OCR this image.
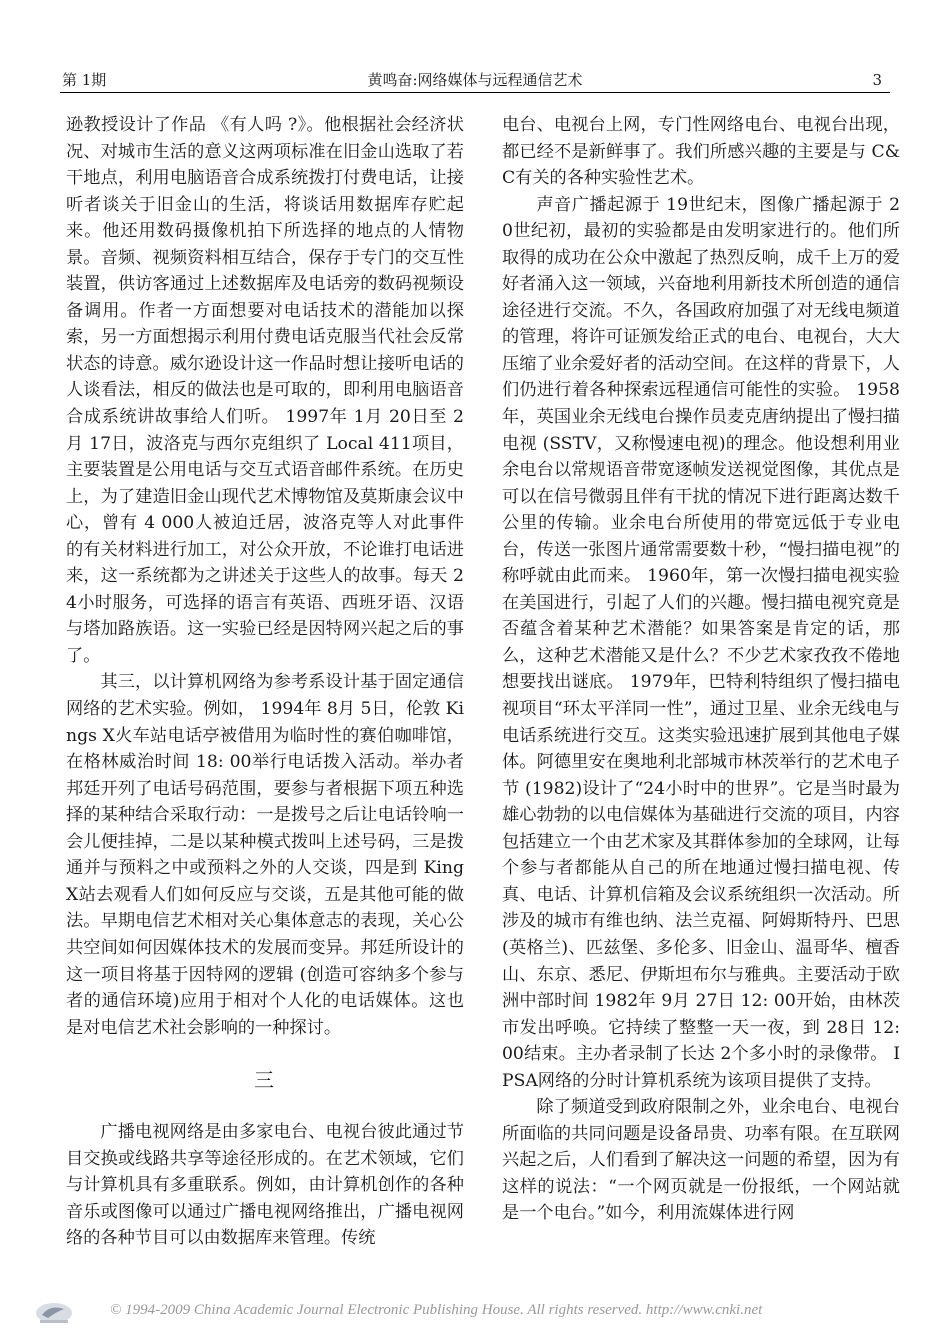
第 1期	黄鸣奋:网络媒体与远程通信艺术	3

逊教授设计了作品 《有人吗 ?》。他根据社会经济状况、对城市生活的意义这两项标准在旧金山选取了若干地点，利用电脑语音合成系统拨打付费电话，让接听者谈关于旧金山的生活，将谈话用数据库存贮起来。他还用数码摄像机拍下所选择的地点的人情物景。音频、视频资料相互结合，保存于专门的交互性装置，供访客通过上述数据库及电话旁的数码视频设备调用。作者一方面想要对电话技术的潜能加以探索，另一方面想揭示利用付费电话克服当代社会反常状态的诗意。威尔逊设计这一作品时想让接听电话的人谈看法，相反的做法也是可取的，即利用电脑语音合成系统讲故事给人们听。 1997年 1月 20日至 2月 17日，波洛克与西尔克组织了 Local 411项目，主要装置是公用电话与交互式语音邮件系统。在历史上，为了建造旧金山现代艺术博物馆及莫斯康会议中心，曾有 4 000人被迫迁居，波洛克等人对此事件的有关材料进行加工，对公众开放，不论谁打电话进来，这一系统都为之讲述关于这些人的故事。每天 24小时服务，可选择的语言有英语、西班牙语、汉语与塔加路族语。这一实验已经是因特网兴起之后的事了。

其三，以计算机网络为参考系设计基于固定通信网络的艺术实验。例如， 1994年 8月 5日，伦敦 Kings X火车站电话亭被借用为临时性的赛伯咖啡馆，在格林威治时间 18: 00举行电话拨入活动。举办者邦廷开列了电话号码范围，要参与者根据下项五种选择的某种结合采取行动：一是拨号之后让电话铃响一会儿便挂掉，二是以某种模式拨叫上述号码，三是拨通并与预料之中或预料之外的人交谈，四是到 King X站去观看人们如何反应与交谈，五是其他可能的做法。早期电信艺术相对关心集体意志的表现，关心公共空间如何因媒体技术的发展而变异。邦廷所设计的这一项目将基于因特网的逻辑 (创造可容纳多个参与者的通信环境)应用于相对个人化的电话媒体。这也是对电信艺术社会影响的一种探讨。

三

广播电视网络是由多家电台、电视台彼此通过节目交换或线路共享等途径形成的。在艺术领域，它们与计算机具有多重联系。例如，由计算机创作的各种音乐或图像可以通过广播电视网络推出，广播电视网络的各种节目可以由数据库来管理。传统

电台、电视台上网，专门性网络电台、电视台出现，都已经不是新鲜事了。我们所感兴趣的主要是与 C&C有关的各种实验性艺术。

声音广播起源于 19世纪末，图像广播起源于 20世纪初，最初的实验都是由发明家进行的。他们所取得的成功在公众中激起了热烈反响，成千上万的爱好者涌入这一领域，兴奋地利用新技术所创造的通信途径进行交流。不久，各国政府加强了对无线电频道的管理，将许可证颁发给正式的电台、电视台，大大压缩了业余爱好者的活动空间。在这样的背景下，人们仍进行着各种探索远程通信可能性的实验。 1958年，英国业余无线电台操作员麦克唐纳提出了慢扫描电视 (SSTV，又称慢速电视)的理念。他设想利用业余电台以常规语音带宽逐帧发送视觉图像，其优点是可以在信号微弱且伴有干扰的情况下进行距离达数千公里的传输。业余电台所使用的带宽远低于专业电台，传送一张图片通常需要数十秒，“慢扫描电视”的称呼就由此而来。 1960年，第一次慢扫描电视实验在美国进行，引起了人们的兴趣。慢扫描电视究竟是否蕴含着某种艺术潜能？如果答案是肯定的话，那么，这种艺术潜能又是什么？不少艺术家孜孜不倦地想要找出谜底。 1979年，巴特利特组织了慢扫描电视项目“环太平洋同一性”，通过卫星、业余无线电与电话系统进行交互。这类实验迅速扩展到其他电子媒体。阿德里安在奥地利北部城市林茨举行的艺术电子节 (1982)设计了“24小时中的世界”。它是当时最为雄心勃勃的以电信媒体为基础进行交流的项目，内容包括建立一个由艺术家及其群体参加的全球网，让每个参与者都能从自己的所在地通过慢扫描电视、传真、电话、计算机信箱及会议系统组织一次活动。所涉及的城市有维也纳、法兰克福、阿姆斯特丹、巴思 (英格兰)、匹兹堡、多伦多、旧金山、温哥华、檀香山、东京、悉尼、伊斯坦布尔与雅典。主要活动于欧洲中部时间 1982年 9月 27日 12: 00开始，由林茨市发出呼唤。它持续了整整一天一夜，到 28日 12: 00结束。主办者录制了长达 2个多小时的录像带。 IPSA网络的分时计算机系统为该项目提供了支持。

除了频道受到政府限制之外，业余电台、电视台所面临的共同问题是设备昂贵、功率有限。在互联网兴起之后，人们看到了解决这一问题的希望，因为有这样的说法：“一个网页就是一份报纸，一个网站就是一个电台。”如今，利用流媒体进行网

© 1994-2009 China Academic Journal Electronic Publishing House. All rights reserved. http://www.cnki.net
